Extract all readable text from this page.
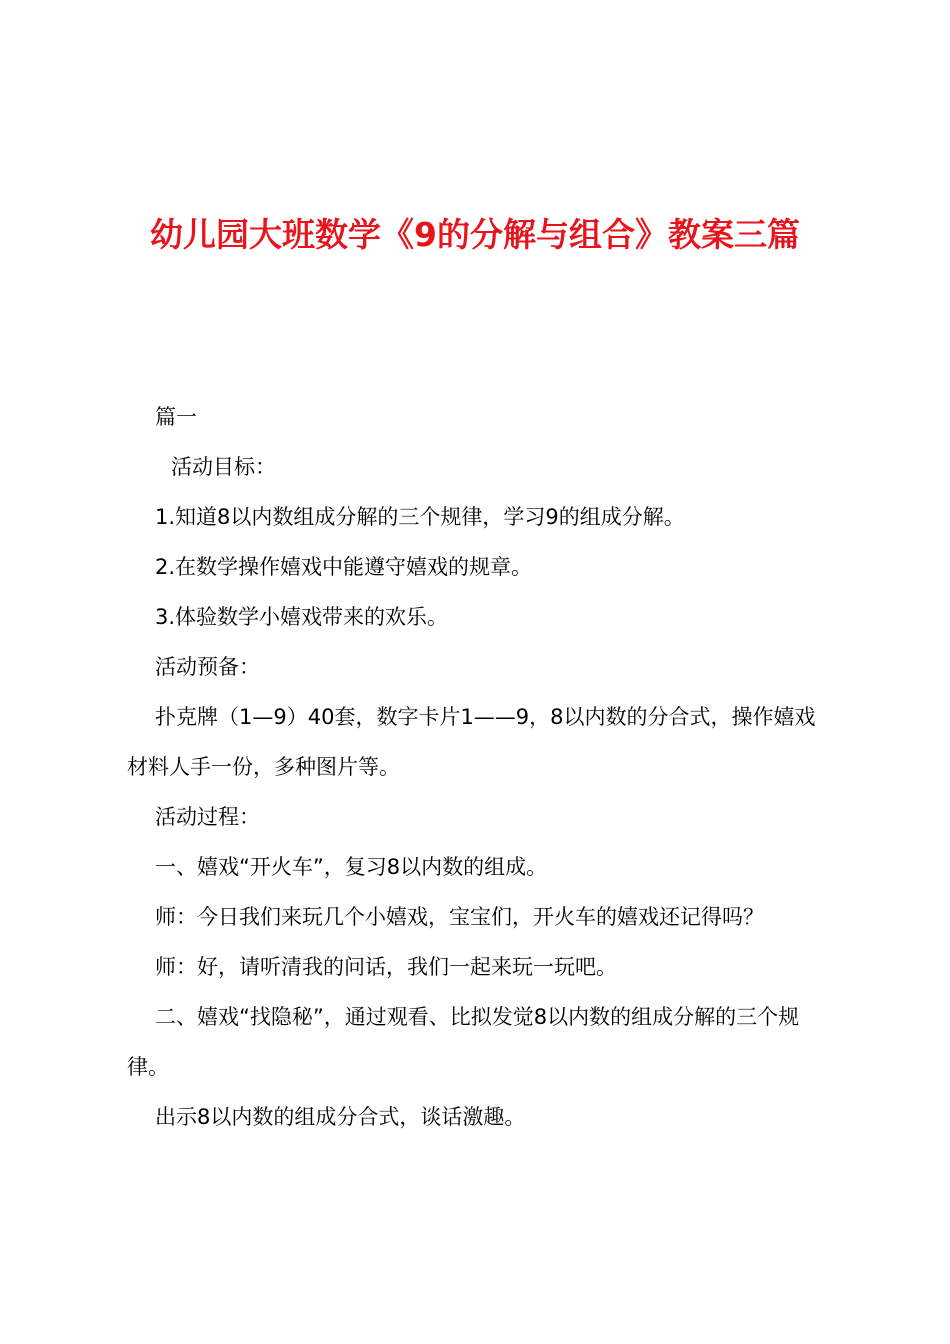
幼儿园大班数学《9的分解与组合》教案三篇

篇一

活动目标：

1.知道8以内数组成分解的三个规律，学习9的组成分解。

2.在数学操作嬉戏中能遵守嬉戏的规章。

3.体验数学小嬉戏带来的欢乐。

活动预备：

扑克牌（1—9）40套，数字卡片1——9，8以内数的分合式，操作嬉戏材料人手一份，多种图片等。

活动过程：

一、嬉戏“开火车”，复习8以内数的组成。

师：今日我们来玩几个小嬉戏，宝宝们，开火车的嬉戏还记得吗？

师：好，请听清我的问话，我们一起来玩一玩吧。

二、嬉戏“找隐秘”，通过观看、比拟发觉8以内数的组成分解的三个规律。

出示8以内数的组成分合式，谈话激趣。
